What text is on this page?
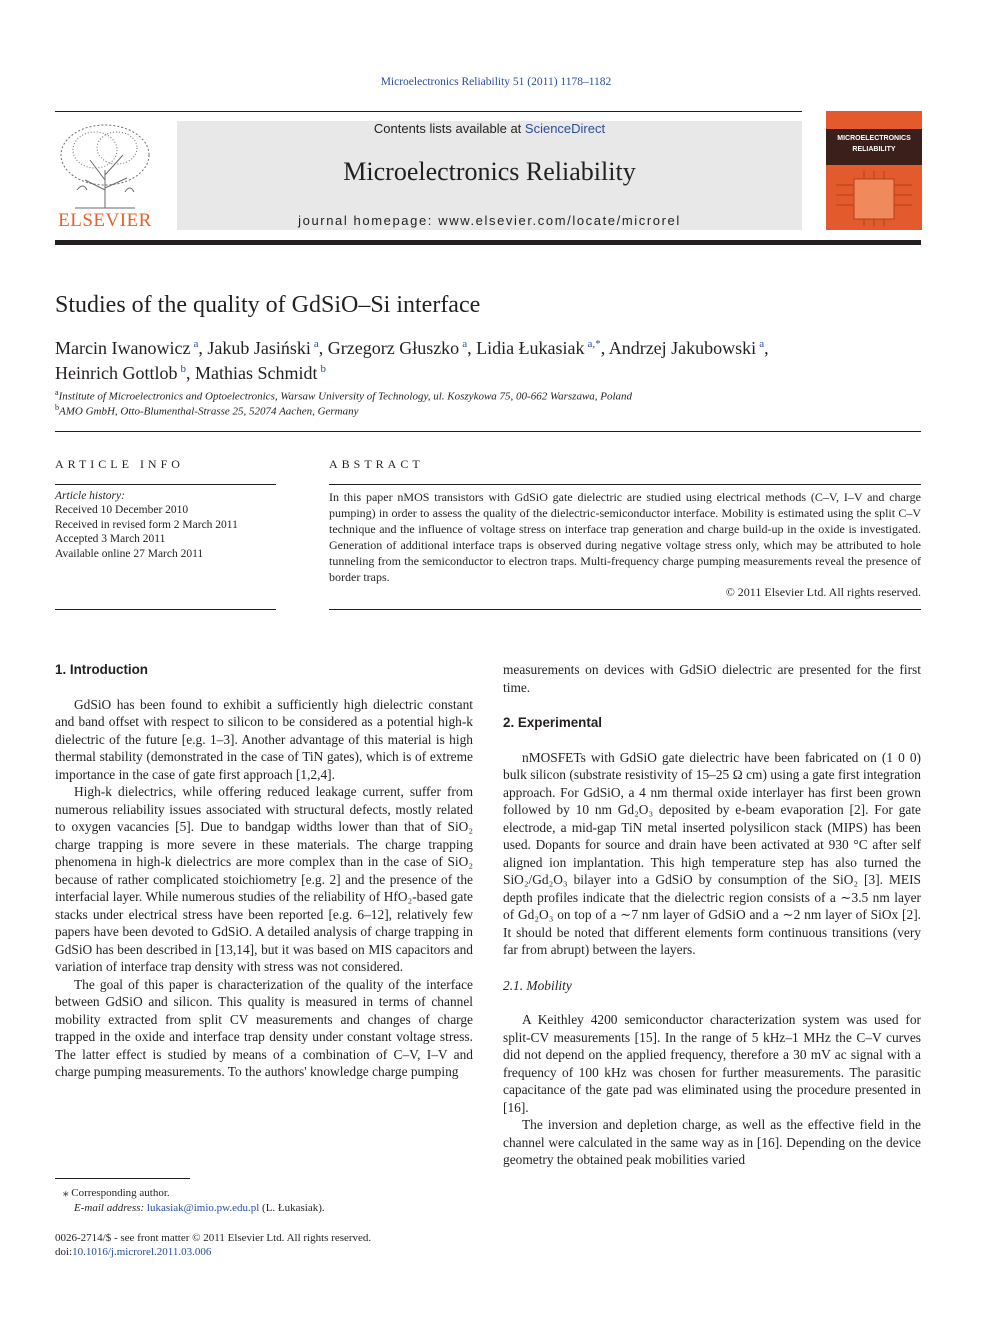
Microelectronics Reliability 51 (2011) 1178–1182
ELSEVIER
Contents lists available at ScienceDirect
Microelectronics Reliability
journal homepage: www.elsevier.com/locate/microrel
MICROELECTRONICS
RELIABILITY
Studies of the quality of GdSiO–Si interface
Marcin Iwanowicz $^a$, Jakub Jasiński $^a$, Grzegorz Głuszko $^a$, Lidia Łukasiak $^{a,*}$, Andrzej Jakubowski $^a$,
Heinrich Gottlob $^b$, Mathias Schmidt $^b$
$^a$Institute of Microelectronics and Optoelectronics, Warsaw University of Technology, ul. Koszykowa 75, 00-662 Warszawa, Poland
$^b$AMO GmbH, Otto-Blumenthal-Strasse 25, 52074 Aachen, Germany
ARTICLE INFO
Article history:
Received 10 December 2010
Received in revised form 2 March 2011
Accepted 3 March 2011
Available online 27 March 2011
ABSTRACT
In this paper nMOS transistors with GdSiO gate dielectric are studied using electrical methods (C–V, I–V and charge pumping) in order to assess the quality of the dielectric-semiconductor interface. Mobility is estimated using the split C–V technique and the influence of voltage stress on interface trap generation and charge build-up in the oxide is investigated. Generation of additional interface traps is observed during negative voltage stress only, which may be attributed to hole tunneling from the semiconductor to electron traps. Multi-frequency charge pumping measurements reveal the presence of border traps.
© 2011 Elsevier Ltd. All rights reserved.
1. Introduction

GdSiO has been found to exhibit a sufficiently high dielectric constant and band offset with respect to silicon to be considered as a potential high-k dielectric of the future [e.g. 1–3]. Another advantage of this material is high thermal stability (demonstrated in the case of TiN gates), which is of extreme importance in the case of gate first approach [1,2,4].

High-k dielectrics, while offering reduced leakage current, suffer from numerous reliability issues associated with structural defects, mostly related to oxygen vacancies [5]. Due to bandgap widths lower than that of SiO₂ charge trapping is more severe in these materials. The charge trapping phenomena in high-k dielectrics are more complex than in the case of SiO₂ because of rather complicated stoichiometry [e.g. 2] and the presence of the interfacial layer. While numerous studies of the reliability of HfO₂-based gate stacks under electrical stress have been reported [e.g. 6–12], relatively few papers have been devoted to GdSiO. A detailed analysis of charge trapping in GdSiO has been described in [13,14], but it was based on MIS capacitors and variation of interface trap density with stress was not considered.

The goal of this paper is characterization of the quality of the interface between GdSiO and silicon. This quality is measured in terms of channel mobility extracted from split CV measurements and changes of charge trapped in the oxide and interface trap density under constant voltage stress. The latter effect is studied by means of a combination of C–V, I–V and charge pumping measurements. To the authors' knowledge charge pumping

measurements on devices with GdSiO dielectric are presented for the first time.

2. Experimental

nMOSFETs with GdSiO gate dielectric have been fabricated on (1 0 0) bulk silicon (substrate resistivity of 15–25 Ω cm) using a gate first integration approach. For GdSiO, a 4 nm thermal oxide interlayer has first been grown followed by 10 nm Gd₂O₃ deposited by e-beam evaporation [2]. For gate electrode, a mid-gap TiN metal inserted polysilicon stack (MIPS) has been used. Dopants for source and drain have been activated at 930 °C after self aligned ion implantation. This high temperature step has also turned the SiO₂/Gd₂O₃ bilayer into a GdSiO by consumption of the SiO₂ [3]. MEIS depth profiles indicate that the dielectric region consists of a ∼3.5 nm layer of Gd₂O₃ on top of a ∼7 nm layer of GdSiO and a ∼2 nm layer of SiOx [2]. It should be noted that different elements form continuous transitions (very far from abrupt) between the layers.

2.1. Mobility

A Keithley 4200 semiconductor characterization system was used for split-CV measurements [15]. In the range of 5 kHz–1 MHz the C–V curves did not depend on the applied frequency, therefore a 30 mV ac signal with a frequency of 100 kHz was chosen for further measurements. The parasitic capacitance of the gate pad was eliminated using the procedure presented in [16].

The inversion and depletion charge, as well as the effective field in the channel were calculated in the same way as in [16]. Depending on the device geometry the obtained peak mobilities varied

⁎ Corresponding author.
E-mail address: lukasiak@imio.pw.edu.pl (L. Łukasiak).
0026-2714/$ - see front matter © 2011 Elsevier Ltd. All rights reserved.
doi:10.1016/j.microrel.2011.03.006
